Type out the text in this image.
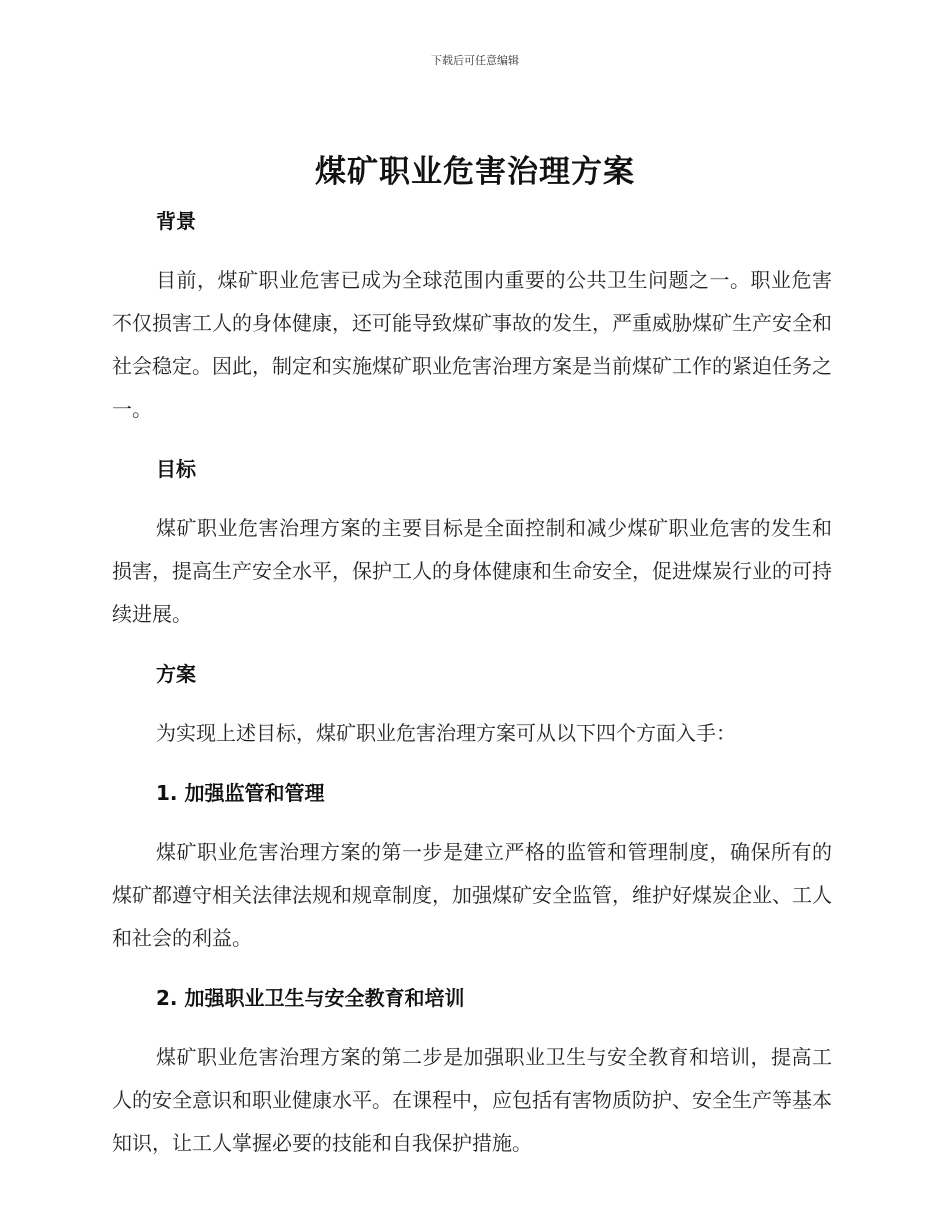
下载后可任意编辑
煤矿职业危害治理方案
背景

目前，煤矿职业危害已成为全球范围内重要的公共卫生问题之一。职业危害不仅损害工人的身体健康，还可能导致煤矿事故的发生，严重威胁煤矿生产安全和社会稳定。因此，制定和实施煤矿职业危害治理方案是当前煤矿工作的紧迫任务之一。

目标

煤矿职业危害治理方案的主要目标是全面控制和减少煤矿职业危害的发生和损害，提高生产安全水平，保护工人的身体健康和生命安全，促进煤炭行业的可持续进展。

方案

为实现上述目标，煤矿职业危害治理方案可从以下四个方面入手：

1. 加强监管和管理

煤矿职业危害治理方案的第一步是建立严格的监管和管理制度，确保所有的煤矿都遵守相关法律法规和规章制度，加强煤矿安全监管，维护好煤炭企业、工人和社会的利益。

2. 加强职业卫生与安全教育和培训

煤矿职业危害治理方案的第二步是加强职业卫生与安全教育和培训，提高工人的安全意识和职业健康水平。在课程中，应包括有害物质防护、安全生产等基本知识，让工人掌握必要的技能和自我保护措施。
